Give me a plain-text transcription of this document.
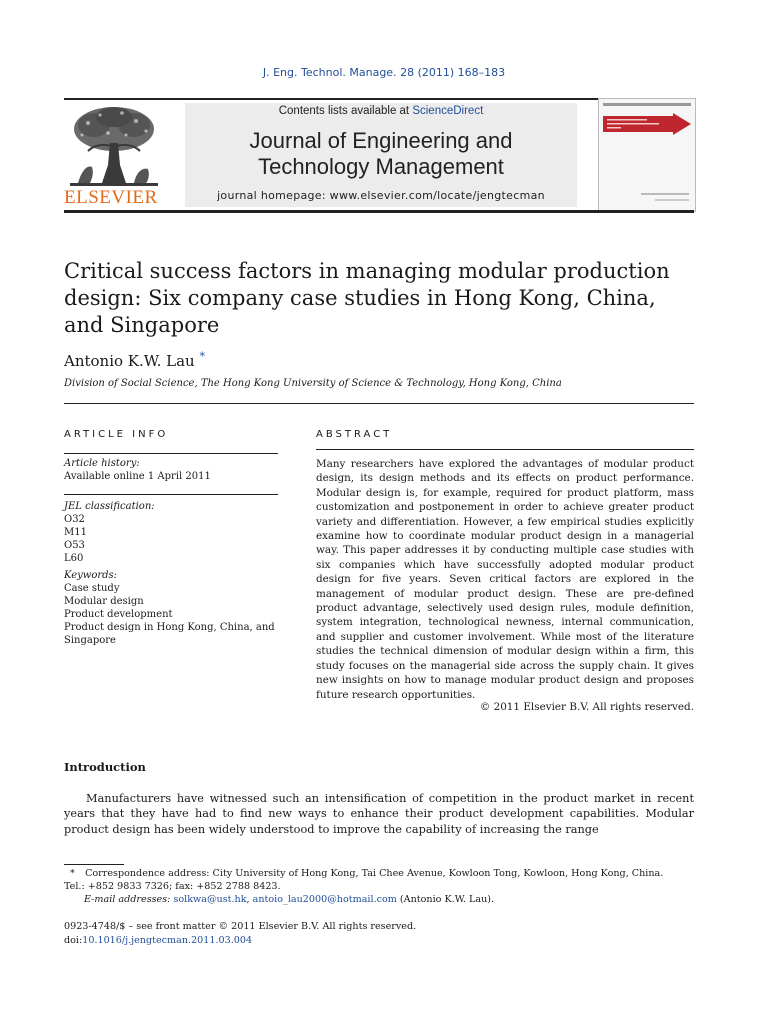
J. Eng. Technol. Manage. 28 (2011) 168–183
ELSEVIER
Contents lists available at ScienceDirect
Journal of Engineering and
Technology Management
journal homepage: www.elsevier.com/locate/jengtecman
Critical success factors in managing modular production
design: Six company case studies in Hong Kong, China,
and Singapore
Antonio K.W. Lau *
Division of Social Science, The Hong Kong University of Science & Technology, Hong Kong, China
ARTICLE INFO
Article history:
Available online 1 April 2011
JEL classification:
O32
M11
O53
L60
Keywords:
Case study
Modular design
Product development
Product design in Hong Kong, China, and
Singapore
ABSTRACT
Many researchers have explored the advantages of modular product design, its design methods and its effects on product performance. Modular design is, for example, required for product platform, mass customization and postponement in order to achieve greater product variety and differentiation. However, a few empirical studies explicitly examine how to coordinate modular product design in a managerial way. This paper addresses it by conducting multiple case studies with six companies which have successfully adopted modular product design for five years. Seven critical factors are explored in the management of modular product design. These are pre-defined product advantage, selectively used design rules, module definition, system integration, technological newness, internal communication, and supplier and customer involvement. While most of the literature studies the technical dimension of modular design within a firm, this study focuses on the managerial side across the supply chain. It gives new insights on how to manage modular product design and proposes future research opportunities.
© 2011 Elsevier B.V. All rights reserved.
Introduction
Manufacturers have witnessed such an intensification of competition in the product market in recent years that they have had to find new ways to enhance their product development capabilities. Modular product design has been widely understood to improve the capability of increasing the range
* Correspondence address: City University of Hong Kong, Tai Chee Avenue, Kowloon Tong, Kowloon, Hong Kong, China.
Tel.: +852 9833 7326; fax: +852 2788 8423.
E-mail addresses: solkwa@ust.hk, antoio_lau2000@hotmail.com (Antonio K.W. Lau).
0923-4748/$ – see front matter © 2011 Elsevier B.V. All rights reserved.
doi:10.1016/j.jengtecman.2011.03.004
